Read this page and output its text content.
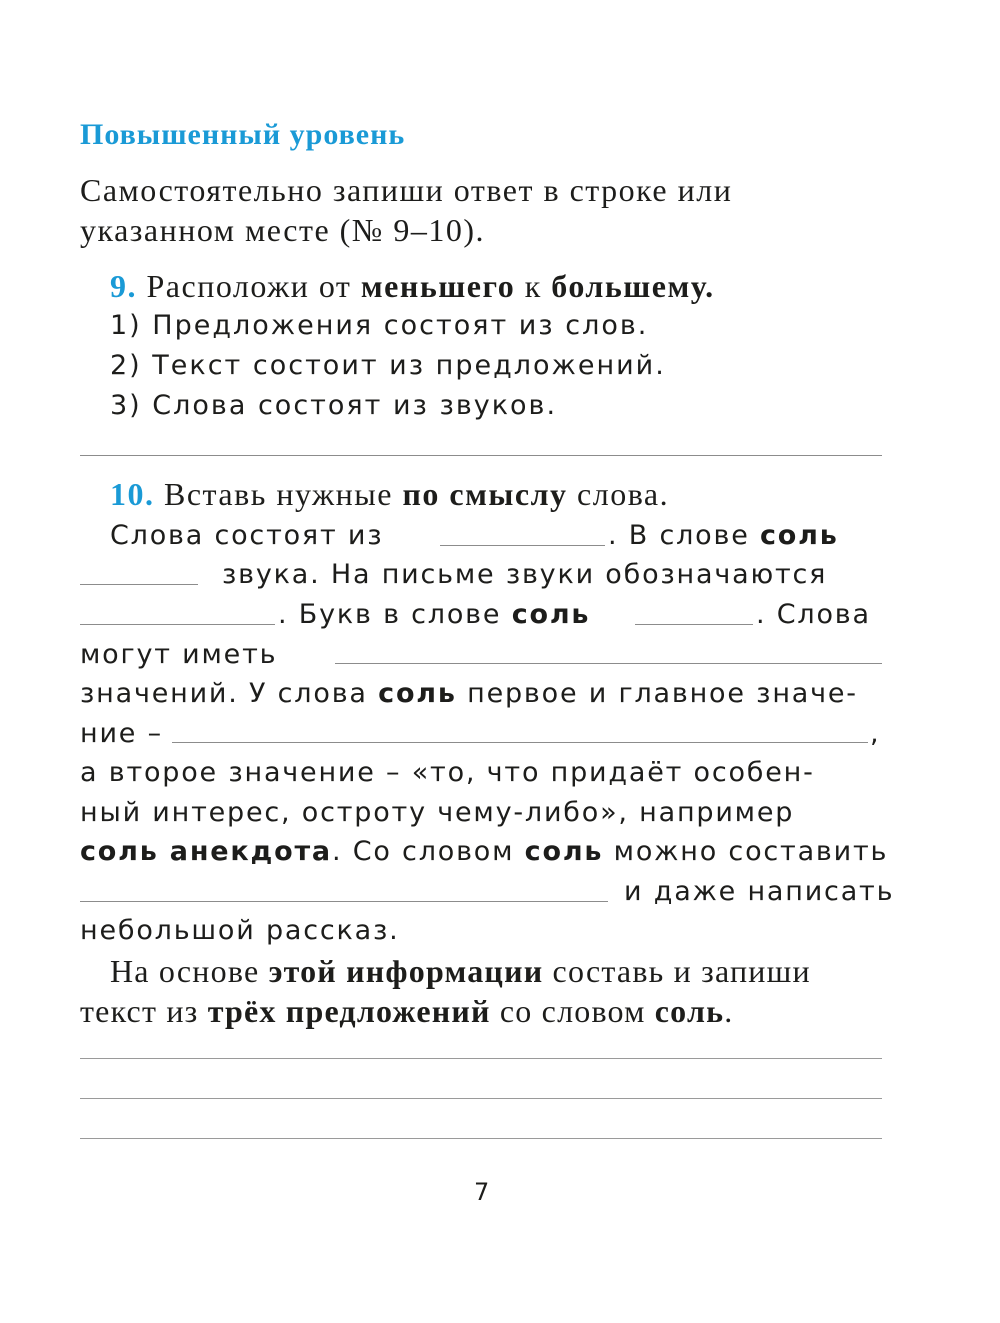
Повышенный уровень
Самостоятельно запиши ответ в строке или
указанном месте (№ 9–10).
9. Расположи от меньшего к большему.
1) Предложения состоят из слов.
2) Текст состоит из предложений.
3) Слова состоят из звуков.
10. Вставь нужные по смыслу слова.
Слова состоят из	. В слове соль
звука. На письме звуки обозначаются
. Букв в слове соль	. Слова
могут иметь
значений. У слова соль первое и главное значе-
ние –	,
а второе значение – «то, что придаёт особен-
ный интерес, остроту чему-либо», например
соль анекдота. Со словом соль можно составить
и даже написать
небольшой рассказ.
На основе этой информации составь и запиши
текст из трёх предложений со словом соль.
7
